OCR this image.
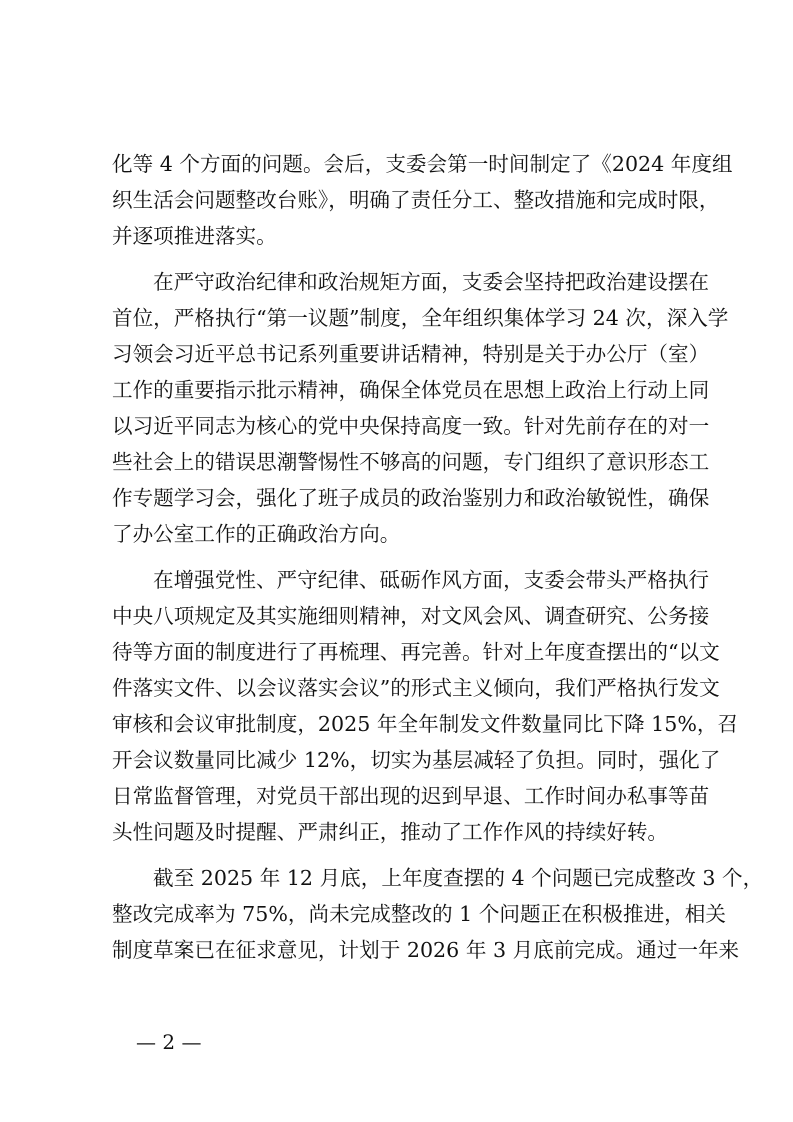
化等 4 个方面的问题。会后，支委会第一时间制定了《2024 年度组
织生活会问题整改台账》，明确了责任分工、整改措施和完成时限，
并逐项推进落实。
在严守政治纪律和政治规矩方面，支委会坚持把政治建设摆在
首位，严格执行“第一议题”制度，全年组织集体学习 24 次，深入学
习领会习近平总书记系列重要讲话精神，特别是关于办公厅（室）
工作的重要指示批示精神，确保全体党员在思想上政治上行动上同
以习近平同志为核心的党中央保持高度一致。针对先前存在的对一
些社会上的错误思潮警惕性不够高的问题，专门组织了意识形态工
作专题学习会，强化了班子成员的政治鉴别力和政治敏锐性，确保
了办公室工作的正确政治方向。
在增强党性、严守纪律、砥砺作风方面，支委会带头严格执行
中央八项规定及其实施细则精神，对文风会风、调查研究、公务接
待等方面的制度进行了再梳理、再完善。针对上年度查摆出的“以文
件落实文件、以会议落实会议”的形式主义倾向，我们严格执行发文
审核和会议审批制度，2025 年全年制发文件数量同比下降 15%，召
开会议数量同比减少 12%，切实为基层减轻了负担。同时，强化了
日常监督管理，对党员干部出现的迟到早退、工作时间办私事等苗
头性问题及时提醒、严肃纠正，推动了工作作风的持续好转。
截至 2025 年 12 月底，上年度查摆的 4 个问题已完成整改 3 个，
整改完成率为 75%，尚未完成整改的 1 个问题正在积极推进，相关
制度草案已在征求意见，计划于 2026 年 3 月底前完成。通过一年来
— 2 —
